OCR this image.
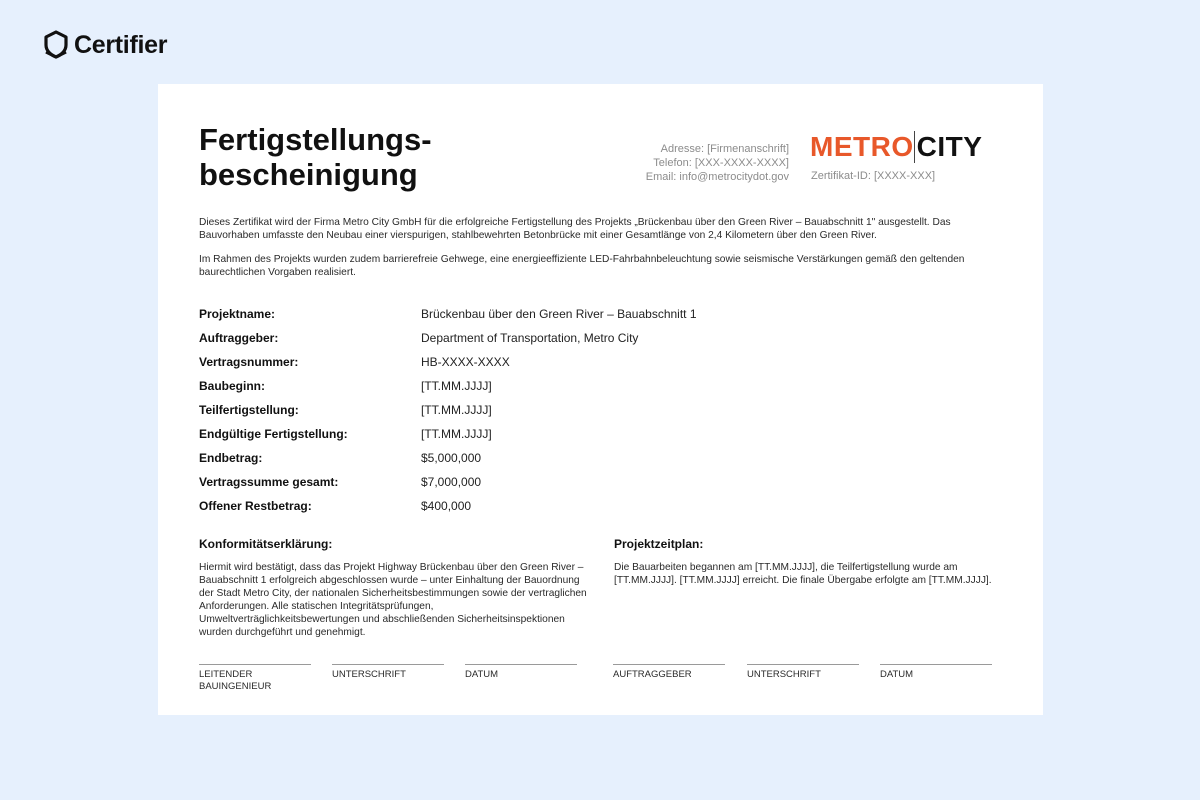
Certifier
Fertigstellungs-
bescheinigung
Adresse: [Firmenanschrift]
Telefon: [XXX-XXXX-XXXX]
Email: info@metrocitydot.gov
METRO CITY
Zertifikat-ID: [XXXX-XXX]

Dieses Zertifikat wird der Firma Metro City GmbH für die erfolgreiche Fertigstellung des Projekts „Brückenbau über den Green River – Bauabschnitt 1" ausgestellt. Das Bauvorhaben umfasste den Neubau einer vierspurigen, stahlbewehrten Betonbrücke mit einer Gesamtlänge von 2,4 Kilometern über den Green River.

Im Rahmen des Projekts wurden zudem barrierefreie Gehwege, eine energieeffiziente LED-Fahrbahnbeleuchtung sowie seismische Verstärkungen gemäß den geltenden baurechtlichen Vorgaben realisiert.

Projektname:	Brückenbau über den Green River – Bauabschnitt 1
Auftraggeber:	Department of Transportation, Metro City
Vertragsnummer:	HB-XXXX-XXXX
Baubeginn:	[TT.MM.JJJJ]
Teilfertigstellung:	[TT.MM.JJJJ]
Endgültige Fertigstellung:	[TT.MM.JJJJ]
Endbetrag:	$5,000,000
Vertragssumme gesamt:	$7,000,000
Offener Restbetrag:	$400,000
Konformitätserklärung:

Hiermit wird bestätigt, dass das Projekt Highway Brückenbau über den Green River – Bauabschnitt 1 erfolgreich abgeschlossen wurde – unter Einhaltung der Bauordnung der Stadt Metro City, der nationalen Sicherheitsbestimmungen sowie der vertraglichen Anforderungen. Alle statischen Integritätsprüfungen, Umweltverträglichkeitsbewertungen und abschließenden Sicherheitsinspektionen wurden durchgeführt und genehmigt.

Projektzeitplan:

Die Bauarbeiten begannen am [TT.MM.JJJJ], die Teilfertigstellung wurde am [TT.MM.JJJJ]. [TT.MM.JJJJ] erreicht. Die finale Übergabe erfolgte am [TT.MM.JJJJ].

LEITENDER BAUINGENIEUR
UNTERSCHRIFT	DATUM	AUFTRAGGEBER	UNTERSCHRIFT	DATUM
